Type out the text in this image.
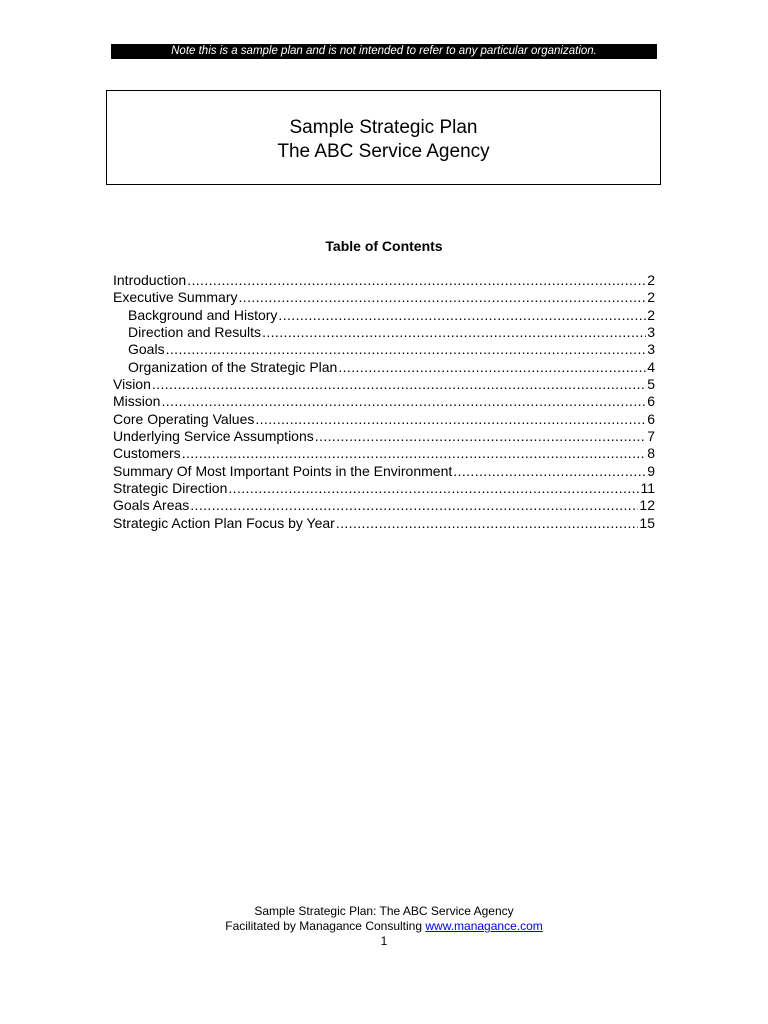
Note this is a sample plan and is not intended to refer to any particular organization.
Sample Strategic Plan
The ABC Service Agency
Table of Contents
Introduction .....	2
Executive Summary .....	2
Background and History .....	2
Direction and Results .....	3
Goals .....	3
Organization of the Strategic Plan .....	4
Vision .....	5
Mission .....	6
Core Operating Values .....	6
Underlying Service Assumptions .....	7
Customers .....	8
Summary Of Most Important Points in the Environment .....	9
Strategic Direction .....	11
Goals Areas .....	12
Strategic Action Plan Focus by Year .....	15
Sample Strategic Plan: The ABC Service Agency
Facilitated by Managance Consulting www.managance.com
1
